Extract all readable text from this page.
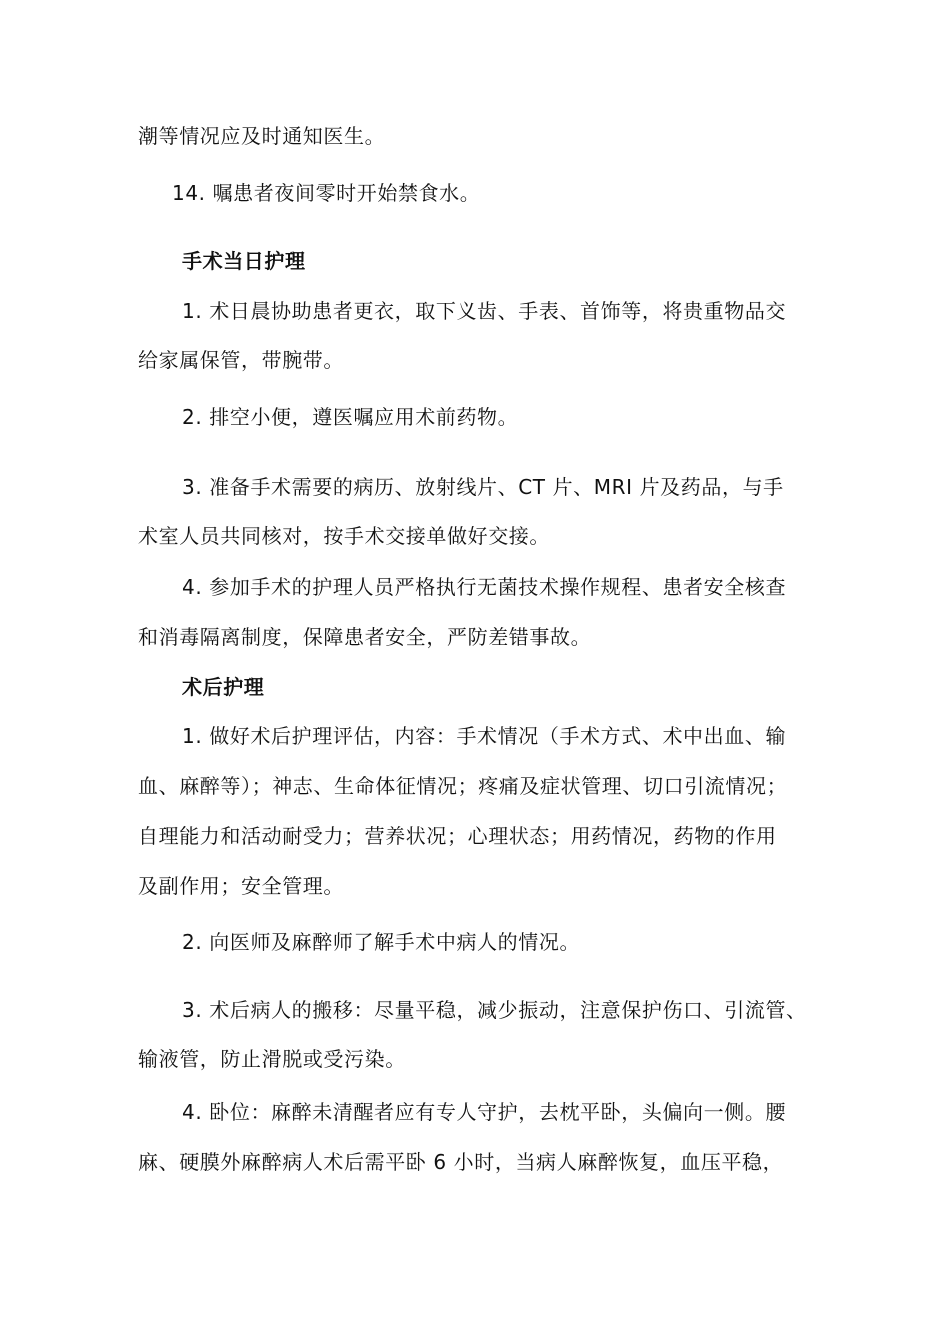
潮等情况应及时通知医生。
14. 嘱患者夜间零时开始禁食水。
手术当日护理
1. 术日晨协助患者更衣，取下义齿、手表、首饰等，将贵重物品交
给家属保管，带腕带。
2. 排空小便，遵医嘱应用术前药物。
3. 准备手术需要的病历、放射线片、CT 片、MRI 片及药品，与手
术室人员共同核对，按手术交接单做好交接。
4. 参加手术的护理人员严格执行无菌技术操作规程、患者安全核查
和消毒隔离制度，保障患者安全，严防差错事故。
术后护理
1. 做好术后护理评估，内容：手术情况（手术方式、术中出血、输
血、麻醉等）；神志、生命体征情况；疼痛及症状管理、切口引流情况；
自理能力和活动耐受力；营养状况；心理状态；用药情况，药物的作用
及副作用；安全管理。
2. 向医师及麻醉师了解手术中病人的情况。
3. 术后病人的搬移：尽量平稳，减少振动，注意保护伤口、引流管、
输液管，防止滑脱或受污染。
4. 卧位：麻醉未清醒者应有专人守护，去枕平卧，头偏向一侧。腰
麻、硬膜外麻醉病人术后需平卧 6 小时，当病人麻醉恢复，血压平稳，
